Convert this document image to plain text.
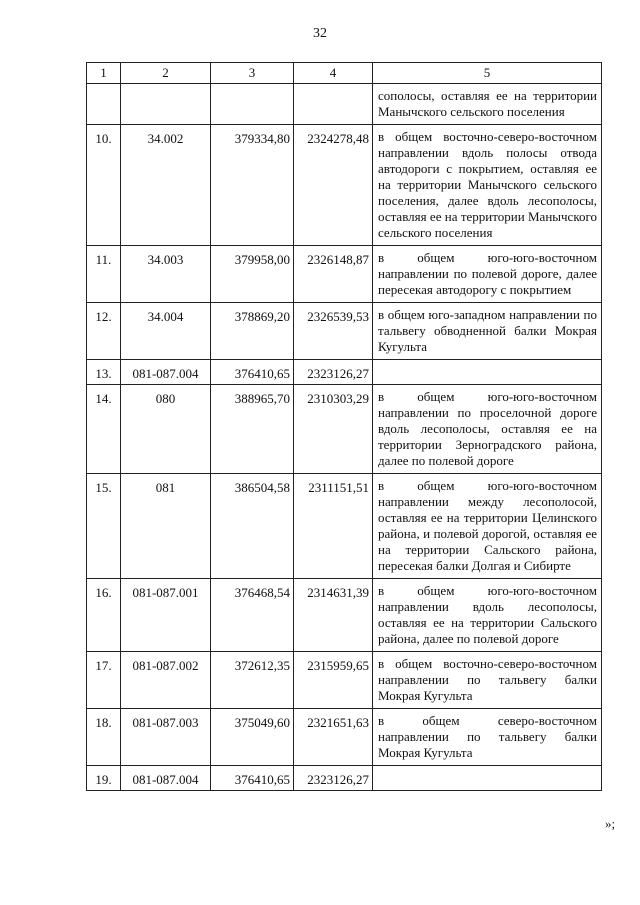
32
1	2	3	4	5
				сополосы, оставляя ее на территории Манычского сельского поселения
10.	34.002	379334,80	2324278,48	в общем восточно-северо-восточном направлении вдоль полосы отвода автодороги с покрытием, оставляя ее на территории Манычского сельского поселения, далее вдоль лесополосы, оставляя ее на территории Манычского сельского поселения
11.	34.003	379958,00	2326148,87	в общем юго-юго-восточном направлении по полевой дороге, далее пересекая автодорогу с покрытием
12.	34.004	378869,20	2326539,53	в общем юго-западном направлении по тальвегу обводненной балки Мокрая Кугульта
13.	081-087.004	376410,65	2323126,27	
14.	080	388965,70	2310303,29	в общем юго-юго-восточном направлении по проселочной дороге вдоль лесополосы, оставляя ее на территории Зерноградского района, далее по полевой дороге
15.	081	386504,58	2311151,51	в общем юго-юго-восточном направлении между лесополосой, оставляя ее на территории Целинского района, и полевой дорогой, оставляя ее на территории Сальского района, пересекая балки Долгая и Сибирте
16.	081-087.001	376468,54	2314631,39	в общем юго-юго-восточном направлении вдоль лесополосы, оставляя ее на территории Сальского района, далее по полевой дороге
17.	081-087.002	372612,35	2315959,65	в общем восточно-северо-восточном направлении по тальвегу балки Мокрая Кугульта
18.	081-087.003	375049,60	2321651,63	в общем северо-восточном направлении по тальвегу балки Мокрая Кугульта
19.	081-087.004	376410,65	2323126,27	
»;
